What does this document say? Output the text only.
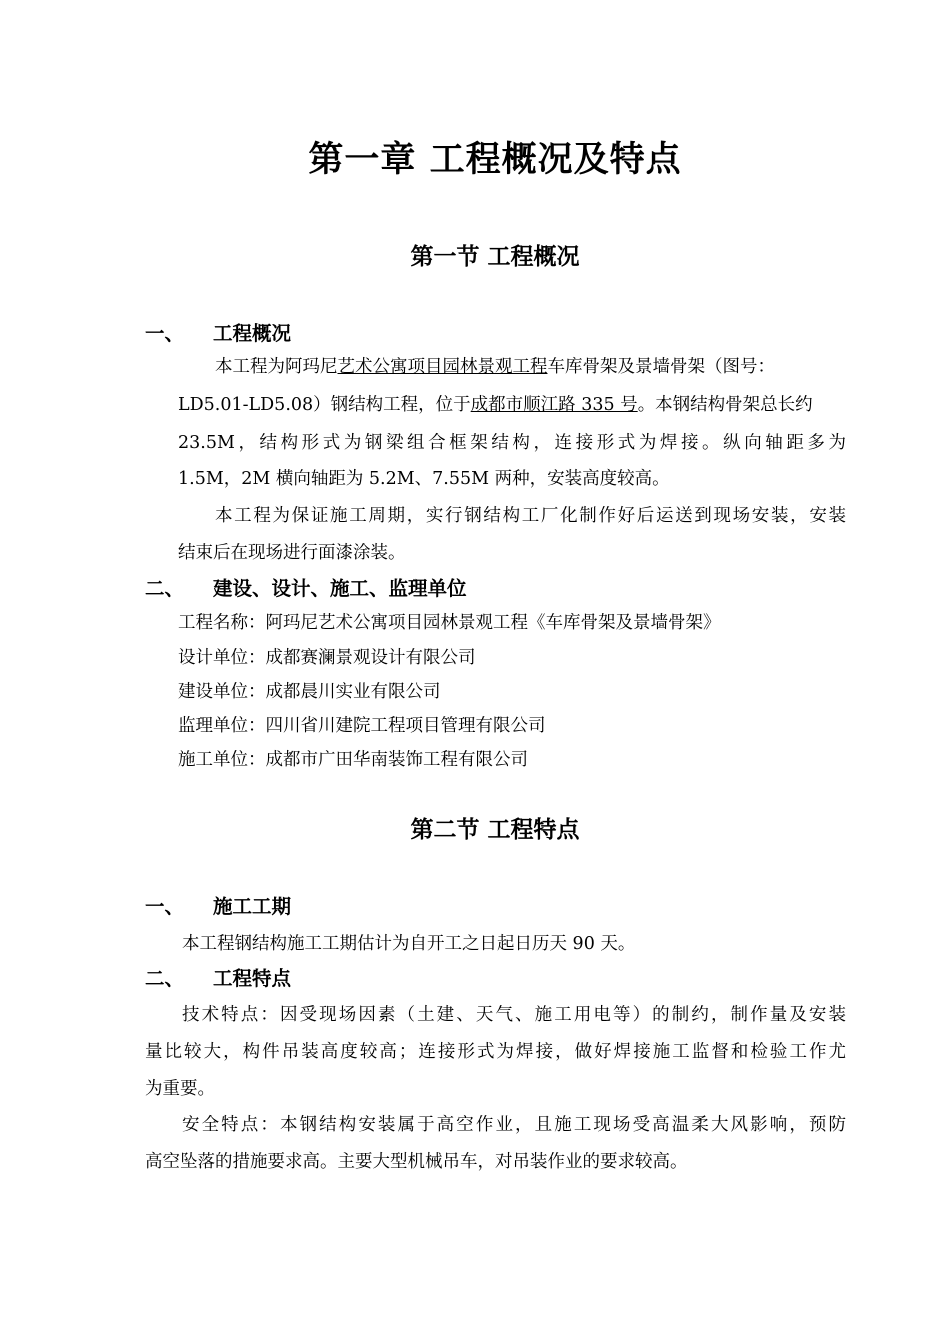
第一章 工程概况及特点
第一节 工程概况
一、 工程概况
本工程为阿玛尼艺术公寓项目园林景观工程车库骨架及景墙骨架（图号：
LD5.01-LD5.08）钢结构工程，位于成都市顺江路 335 号。本钢结构骨架总长约
23.5M，结构形式为钢梁组合框架结构，连接形式为焊接。纵向轴距多为
1.5M，2M 横向轴距为 5.2M、7.55M 两种，安装高度较高。
本工程为保证施工周期，实行钢结构工厂化制作好后运送到现场安装，安装
结束后在现场进行面漆涂装。
二、 建设、设计、施工、监理单位
工程名称：阿玛尼艺术公寓项目园林景观工程《车库骨架及景墙骨架》
设计单位：成都赛澜景观设计有限公司
建设单位：成都晨川实业有限公司
监理单位：四川省川建院工程项目管理有限公司
施工单位：成都市广田华南装饰工程有限公司
第二节 工程特点
一、 施工工期
本工程钢结构施工工期估计为自开工之日起日历天 90 天。
二、 工程特点
技术特点：因受现场因素（土建、天气、施工用电等）的制约，制作量及安装
量比较大，构件吊装高度较高；连接形式为焊接，做好焊接施工监督和检验工作尤
为重要。
安全特点：本钢结构安装属于高空作业，且施工现场受高温柔大风影响，预防
高空坠落的措施要求高。主要大型机械吊车，对吊装作业的要求较高。
